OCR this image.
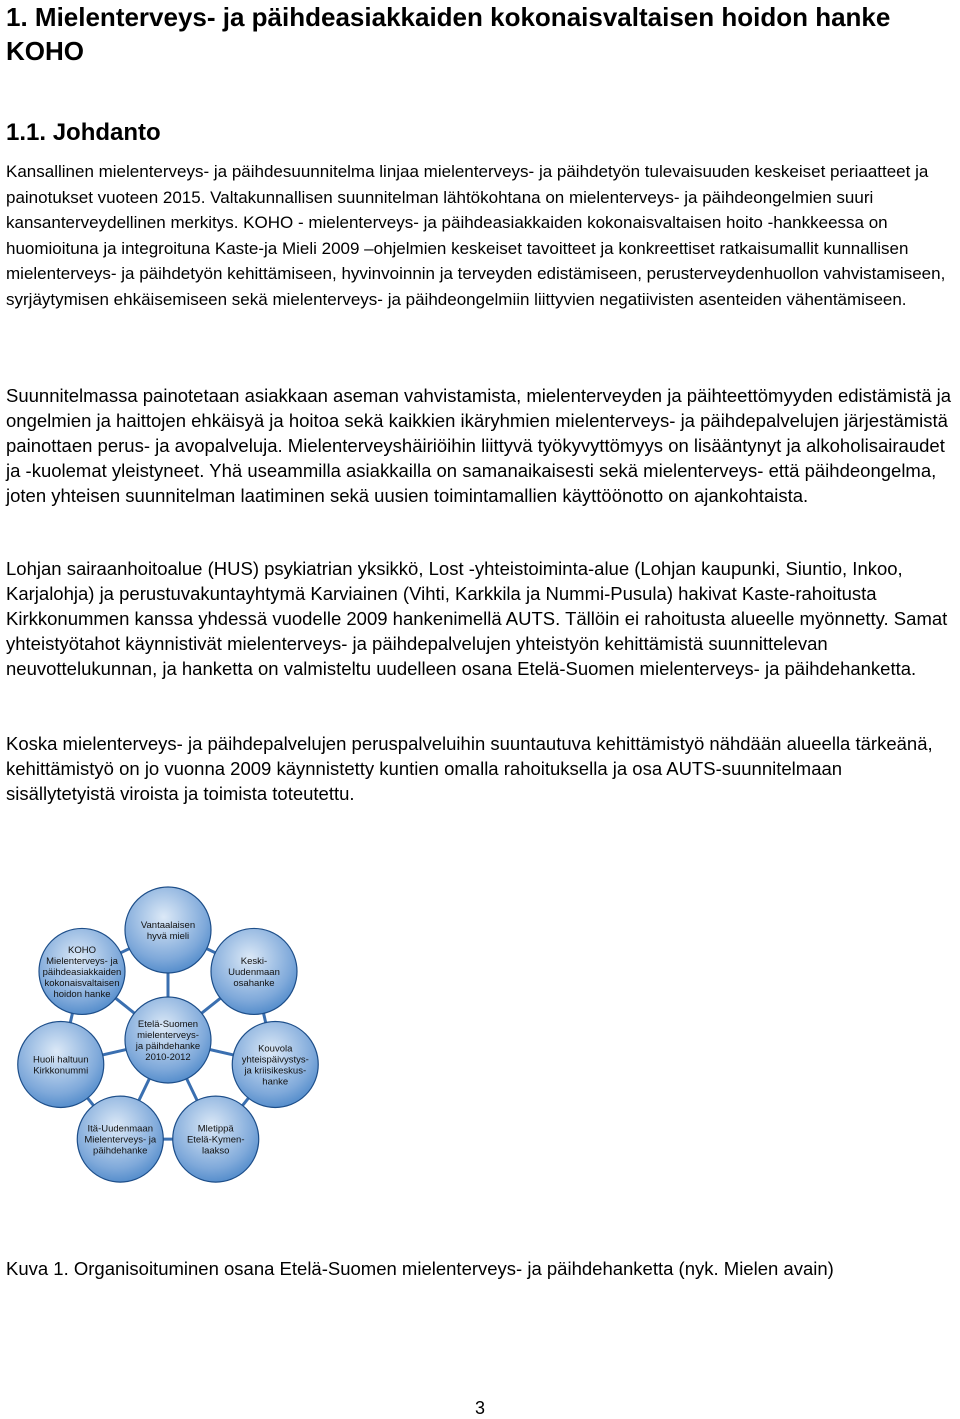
1. Mielenterveys- ja päihdeasiakkaiden kokonaisvaltaisen hoidon hanke KOHO
1.1. Johdanto

Kansallinen mielenterveys- ja päihdesuunnitelma linjaa mielenterveys- ja päihdetyön tulevaisuuden keskeiset periaatteet ja painotukset vuoteen 2015. Valtakunnallisen suunnitelman lähtökohtana on mielenterveys- ja päihdeongelmien suuri kansanterveydellinen merkitys. KOHO - mielenterveys- ja päihdeasiakkaiden kokonaisvaltaisen hoito -hankkeessa on huomioituna ja integroituna Kaste-ja Mieli 2009 –ohjelmien keskeiset tavoitteet ja konkreettiset ratkaisumallit kunnallisen mielenterveys- ja päihdetyön kehittämiseen, hyvinvoinnin ja terveyden edistämiseen, perusterveydenhuollon vahvistamiseen, syrjäytymisen ehkäisemiseen sekä mielenterveys- ja päihdeongelmiin liittyvien negatiivisten asenteiden vähentämiseen.

Suunnitelmassa painotetaan asiakkaan aseman vahvistamista, mielenterveyden ja päihteettömyyden edistämistä ja ongelmien ja haittojen ehkäisyä ja hoitoa sekä kaikkien ikäryhmien mielenterveys- ja päihdepalvelujen järjestämistä painottaen perus- ja avopalveluja. Mielenterveyshäiriöihin liittyvä työkyvyttömyys on lisääntynyt ja alkoholisairaudet ja -kuolemat yleistyneet. Yhä useammilla asiakkailla on samanaikaisesti sekä mielenterveys- että päihdeongelma, joten yhteisen suunnitelman laatiminen sekä uusien toimintamallien käyttöönotto on ajankohtaista.

Lohjan sairaanhoitoalue (HUS) psykiatrian yksikkö, Lost -yhteistoiminta-alue (Lohjan kaupunki, Siuntio, Inkoo, Karjalohja) ja perustuvakuntayhtymä Karviainen (Vihti, Karkkila ja Nummi-Pusula) hakivat Kaste-rahoitusta Kirkkonummen kanssa yhdessä vuodelle 2009 hankenimellä AUTS. Tällöin ei rahoitusta alueelle myönnetty. Samat yhteistyötahot käynnistivät mielenterveys- ja päihdepalvelujen yhteistyön kehittämistä suunnittelevan neuvottelukunnan, ja hanketta on valmisteltu uudelleen osana Etelä-Suomen mielenterveys- ja päihdehanketta.

Koska mielenterveys- ja päihdepalvelujen peruspalveluihin suuntautuva kehittämistyö nähdään alueella tärkeänä, kehittämistyö on jo vuonna 2009 käynnistetty kuntien omalla rahoituksella ja osa AUTS-suunnitelmaan sisällytetyistä viroista ja toimista toteutettu.

Vantaalaisen
hyvä mieli
Keski-
Uudenmaan
osahanke
Kouvola
yhteispäivystys-
ja kriisikeskus-
hanke
Mletippä
Etelä-Kymen-
laakso
Itä-Uudenmaan
Mielenterveys- ja
päihdehanke
Huoli haltuun
Kirkkonummi
KOHO
Mielenterveys- ja
päihdeasiakkaiden
kokonaisvaltaisen
hoidon hanke
Etelä-Suomen
mielenterveys-
ja päihdehanke
2010-2012

Kuva 1. Organisoituminen osana Etelä-Suomen mielenterveys- ja päihdehanketta (nyk. Mielen avain)

3
